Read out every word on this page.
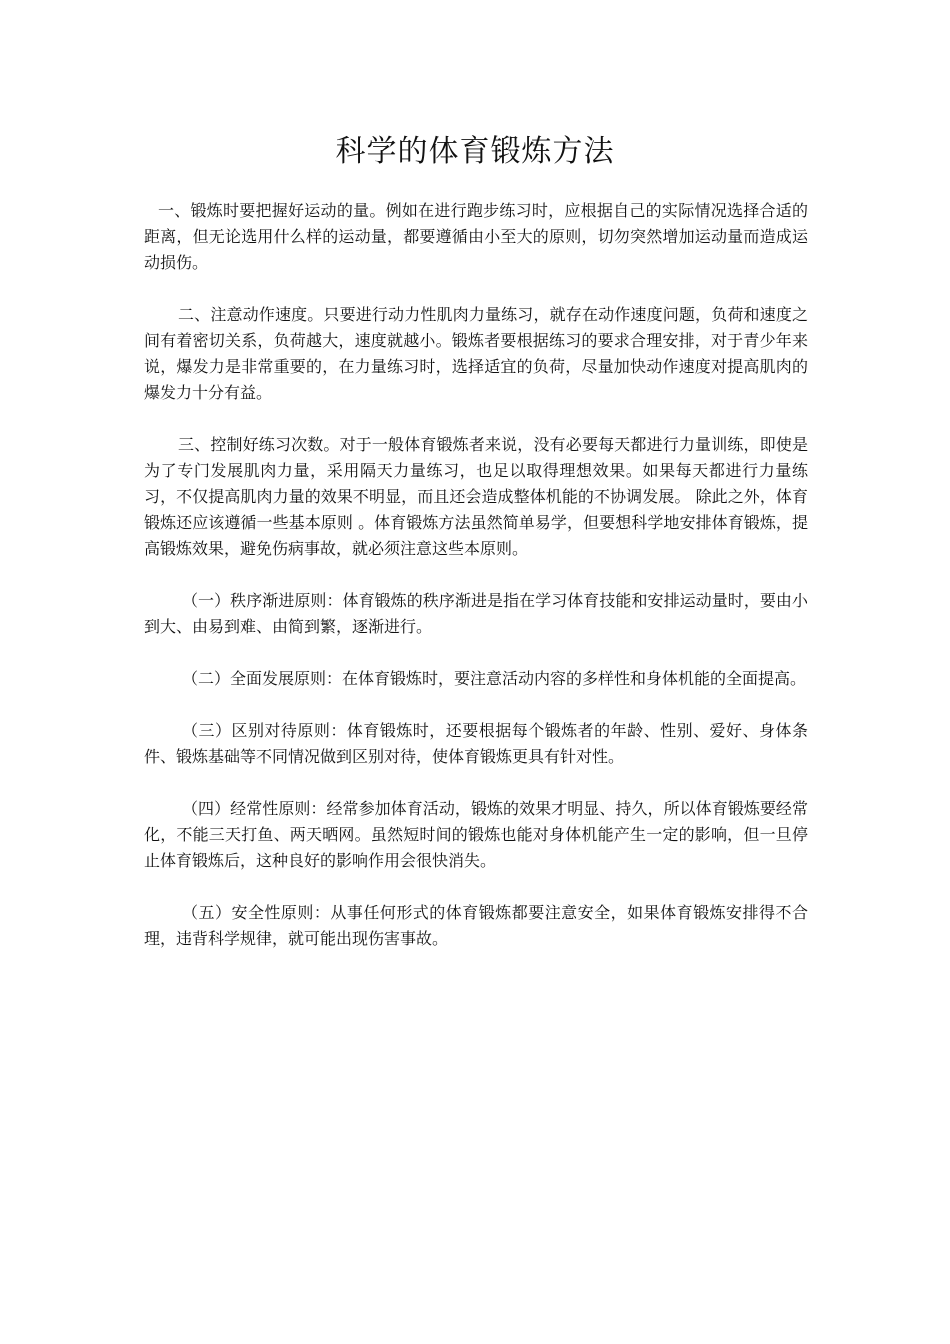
科学的体育锻炼方法

一、锻炼时要把握好运动的量。例如在进行跑步练习时，应根据自己的实际情况选择合适的距离，但无论选用什么样的运动量，都要遵循由小至大的原则，切勿突然增加运动量而造成运动损伤。

二、注意动作速度。只要进行动力性肌肉力量练习，就存在动作速度问题，负荷和速度之间有着密切关系，负荷越大，速度就越小。锻炼者要根据练习的要求合理安排，对于青少年来说，爆发力是非常重要的，在力量练习时，选择适宜的负荷，尽量加快动作速度对提高肌肉的爆发力十分有益。

三、控制好练习次数。对于一般体育锻炼者来说，没有必要每天都进行力量训练，即使是为了专门发展肌肉力量，采用隔天力量练习，也足以取得理想效果。如果每天都进行力量练习，不仅提高肌肉力量的效果不明显，而且还会造成整体机能的不协调发展。 除此之外，体育锻炼还应该遵循一些基本原则 。体育锻炼方法虽然简单易学，但要想科学地安排体育锻炼，提高锻炼效果，避免伤病事故，就必须注意这些本原则。

（一）秩序渐进原则：体育锻炼的秩序渐进是指在学习体育技能和安排运动量时，要由小到大、由易到难、由简到繁，逐渐进行。

（二）全面发展原则：在体育锻炼时，要注意活动内容的多样性和身体机能的全面提高。

（三）区别对待原则：体育锻炼时，还要根据每个锻炼者的年龄、性别、爱好、身体条件、锻炼基础等不同情况做到区别对待，使体育锻炼更具有针对性。

（四）经常性原则：经常参加体育活动，锻炼的效果才明显、持久，所以体育锻炼要经常化，不能三天打鱼、两天晒网。虽然短时间的锻炼也能对身体机能产生一定的影响，但一旦停止体育锻炼后，这种良好的影响作用会很快消失。

（五）安全性原则：从事任何形式的体育锻炼都要注意安全，如果体育锻炼安排得不合理，违背科学规律，就可能出现伤害事故。
